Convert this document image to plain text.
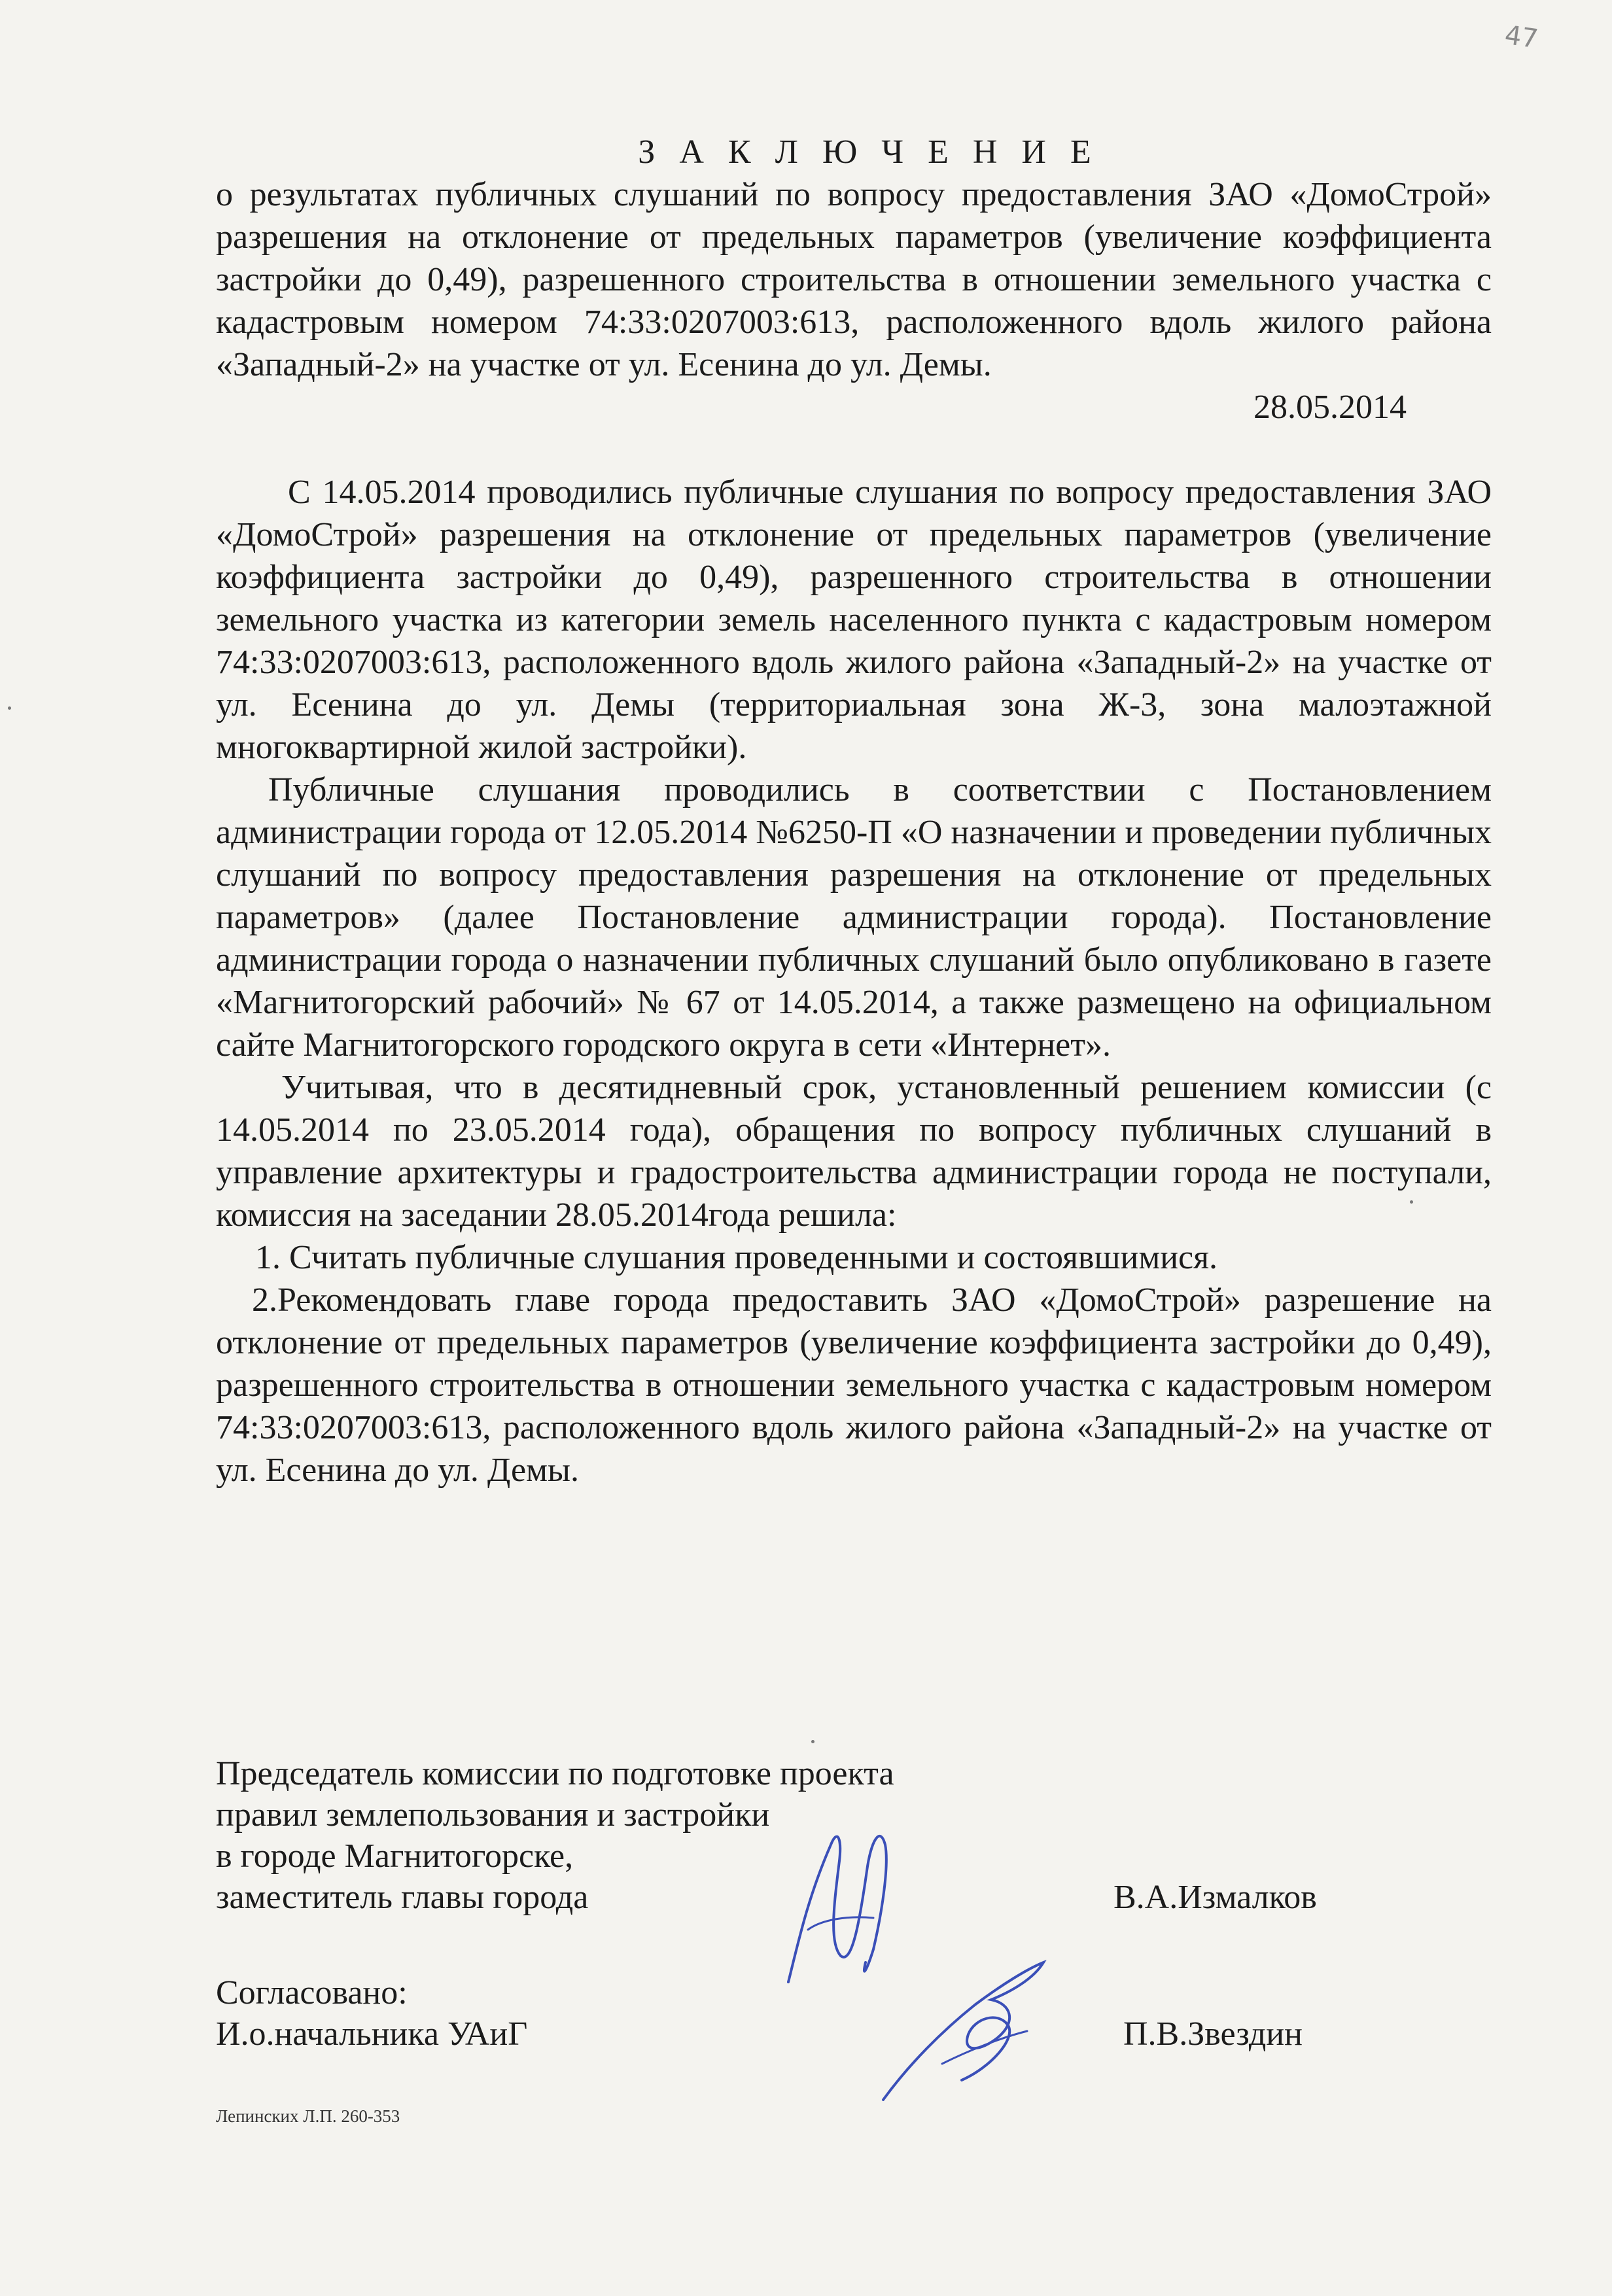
47
З А К Л Ю Ч Е Н И Е
о результатах публичных слушаний по вопросу предоставления ЗАО «ДомоСтрой» разрешения на отклонение от предельных параметров (увеличение коэффициента застройки до 0,49), разрешенного строительства в отношении земельного участка с кадастровым номером 74:33:0207003:613, расположенного вдоль жилого района «Западный-2» на участке от ул. Есенина до ул. Демы.
28.05.2014

С 14.05.2014 проводились публичные слушания по вопросу предоставления ЗАО «ДомоСтрой» разрешения на отклонение от предельных параметров (увеличение коэффициента застройки до 0,49), разрешенного строительства в отношении земельного участка из категории земель населенного пункта с кадастровым номером 74:33:0207003:613, расположенного вдоль жилого района «Западный-2» на участке от ул. Есенина до ул. Демы (территориальная зона Ж-3, зона малоэтажной многоквартирной жилой застройки).

Публичные слушания проводились в соответствии с Постановлением администрации города от 12.05.2014 №6250-П «О назначении и проведении публичных слушаний по вопросу предоставления разрешения на отклонение от предельных параметров» (далее Постановление администрации города). Постановление администрации города о назначении публичных слушаний было опубликовано в газете «Магнитогорский рабочий» № 67 от 14.05.2014, а также размещено на официальном сайте Магнитогорского городского округа в сети «Интернет».

Учитывая, что в десятидневный срок, установленный решением комиссии (с 14.05.2014 по 23.05.2014 года), обращения по вопросу публичных слушаний в управление архитектуры и градостроительства администрации города не поступали, комиссия на заседании 28.05.2014года решила:

1. Считать публичные слушания проведенными и состоявшимися.

2.Рекомендовать главе города предоставить ЗАО «ДомоСтрой» разрешение на отклонение от предельных параметров (увеличение коэффициента застройки до 0,49), разрешенного строительства в отношении земельного участка с кадастровым номером 74:33:0207003:613, расположенного вдоль жилого района «Западный-2» на участке от ул. Есенина до ул. Демы.

Председатель комиссии по подготовке проекта
правил землепользования и застройки
в городе Магнитогорске,
заместитель главы города	В.А.Измалков
Согласовано:
И.о.начальника УАиГ	П.В.Звездин
Лепинских Л.П. 260-353
